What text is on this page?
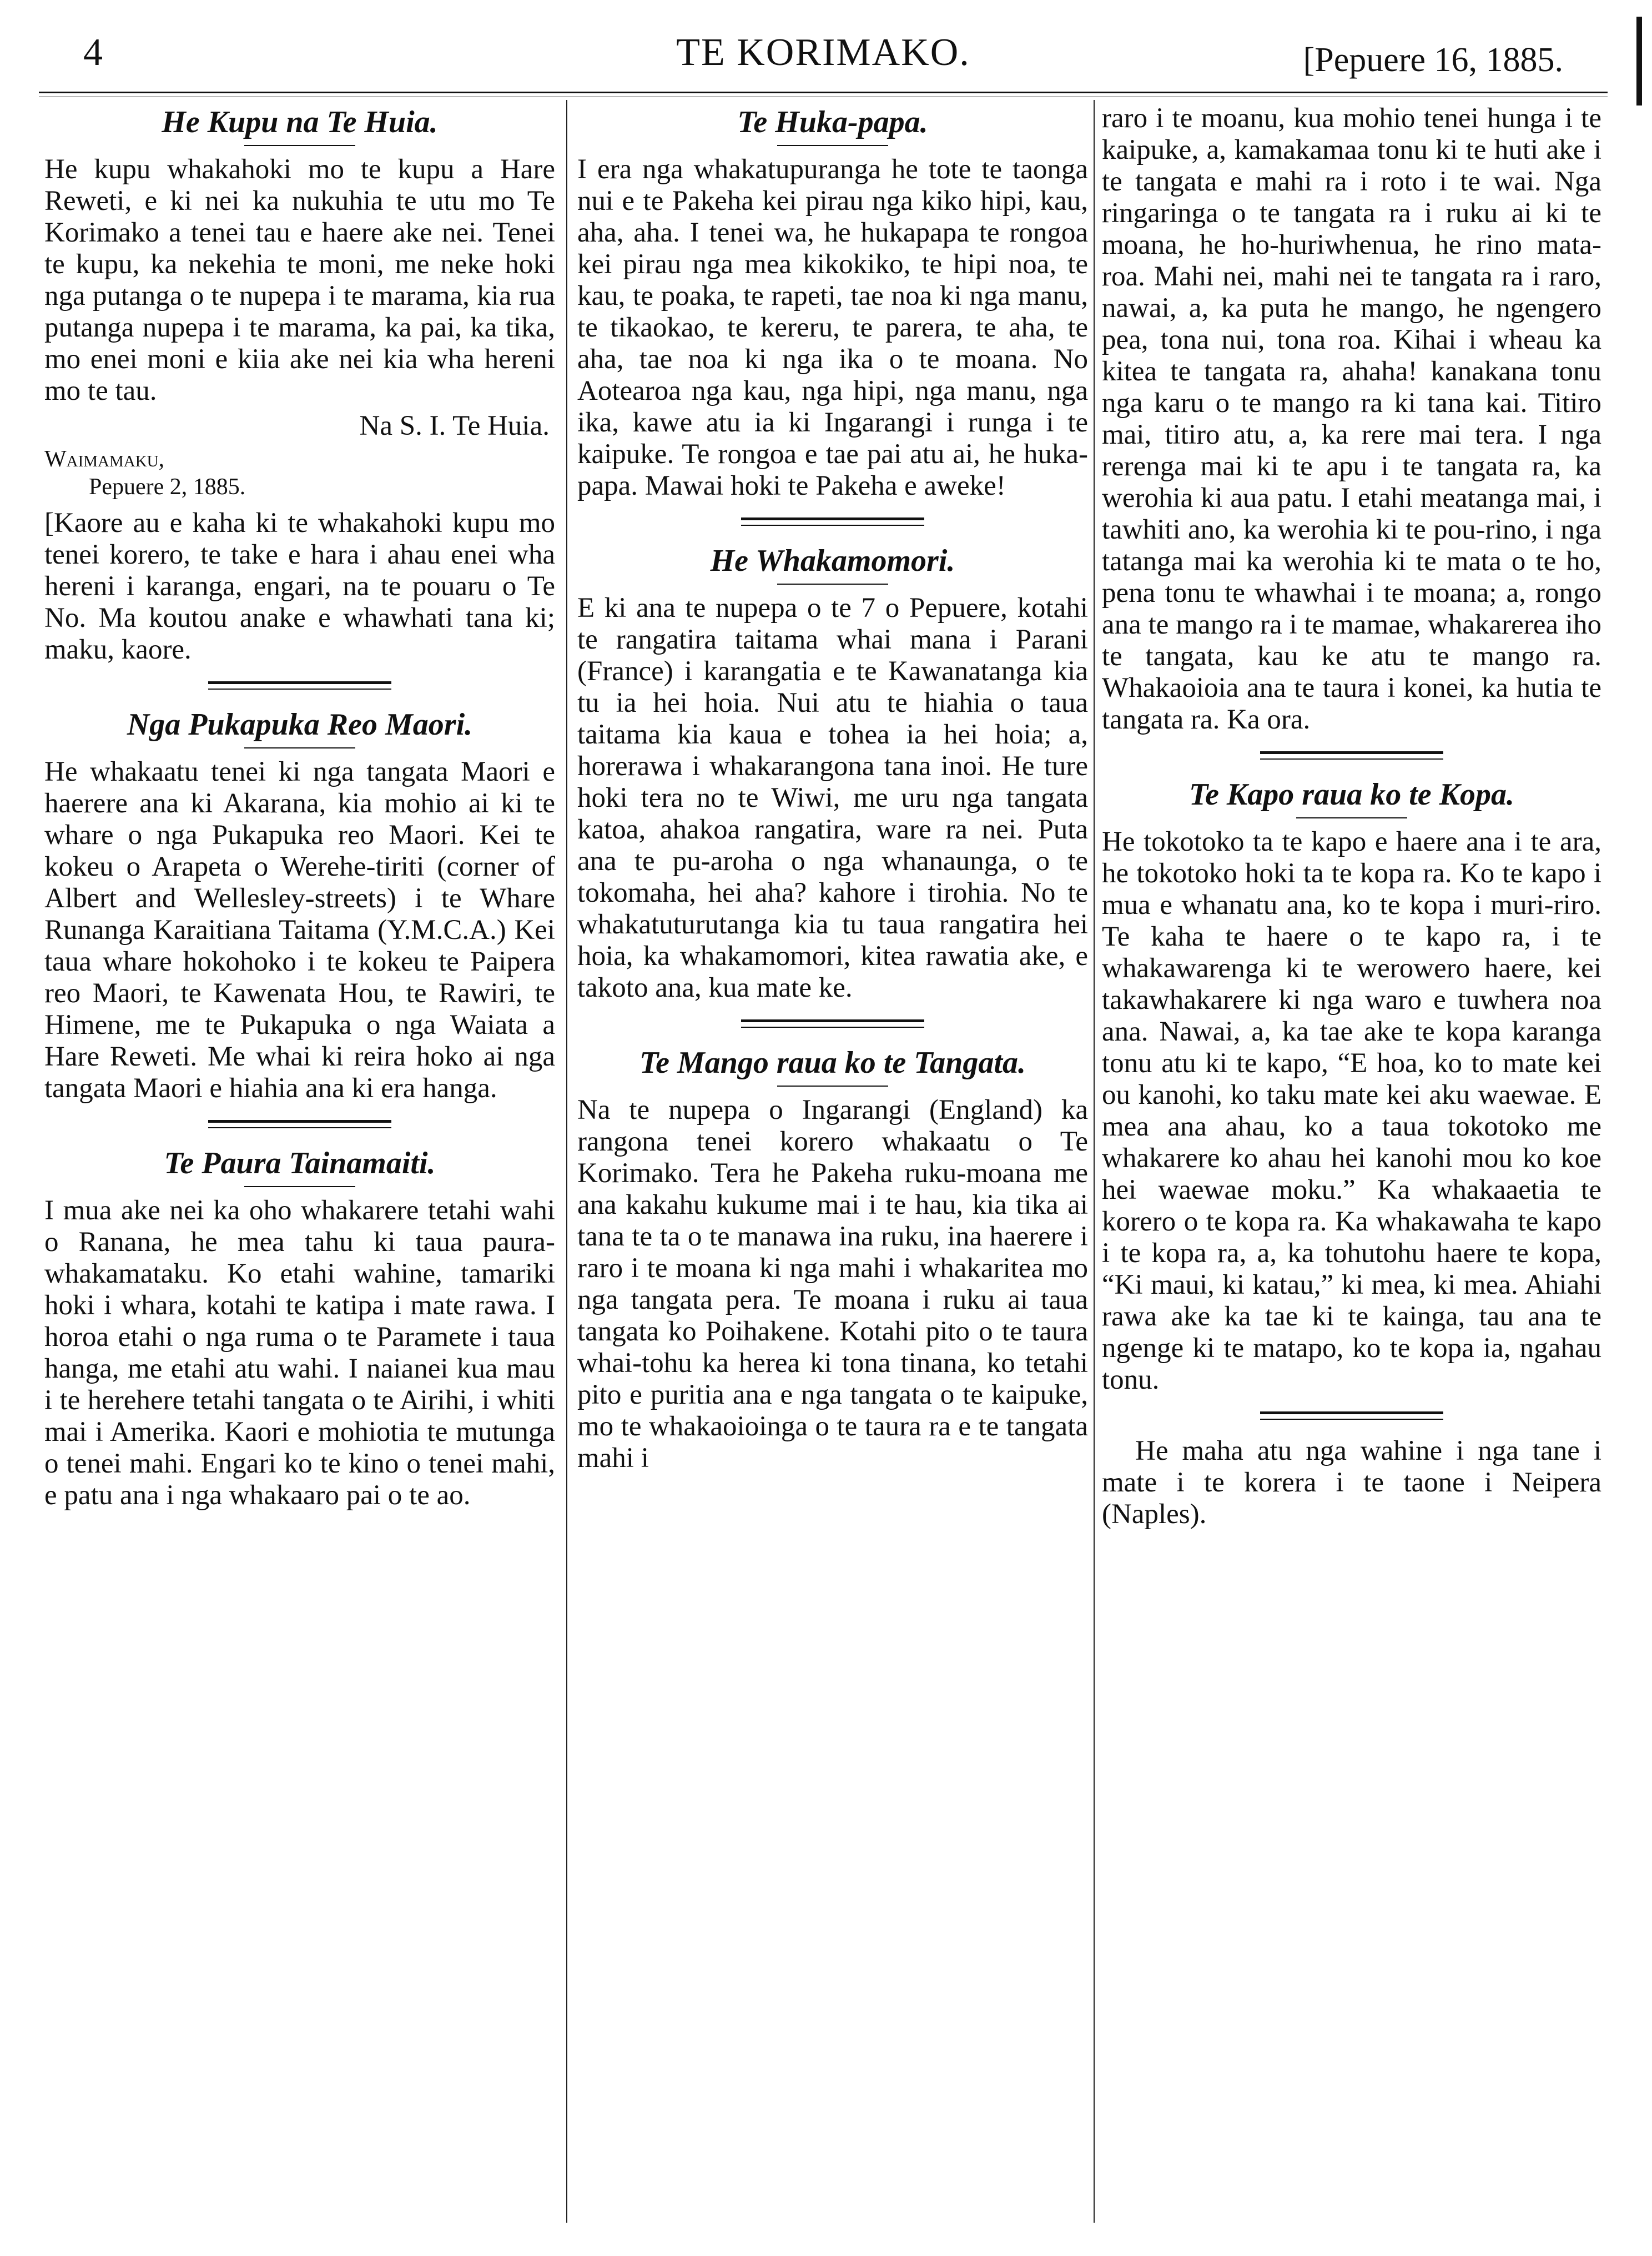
4	TE KORIMAKO.	[Pepuere 16, 1885.
He Kupu na Te Huia.

He kupu whakahoki mo te kupu a Hare Reweti, e ki nei ka nukuhia te utu mo Te Korimako a tenei tau e haere ake nei. Tenei te kupu, ka nekehia te moni, me neke hoki nga putanga o te nupepa i te marama, kia rua putanga nupepa i te marama, ka pai, ka tika, mo enei moni e kiia ake nei kia wha hereni mo te tau.

Na S. I. Te Huia.

Waimamaku,

Pepuere 2, 1885.

[Kaore au e kaha ki te whakahoki kupu mo tenei korero, te take e hara i ahau enei wha hereni i karanga, engari, na te pouaru o Te No. Ma koutou anake e whawhati tana ki; maku, kaore.

Nga Pukapuka Reo Maori.

He whakaatu tenei ki nga tangata Maori e haerere ana ki Akarana, kia mohio ai ki te whare o nga Pukapuka reo Maori. Kei te kokeu o Arapeta o Werehe-tiriti (corner of Albert and Wellesley-streets) i te Whare Runanga Karaitiana Taitama (Y.M.C.A.) Kei taua whare hokohoko i te kokeu te Paipera reo Maori, te Kawenata Hou, te Rawiri, te Himene, me te Pukapuka o nga Waiata a Hare Reweti. Me whai ki reira hoko ai nga tangata Maori e hiahia ana ki era hanga.

Te Paura Tainamaiti.

I mua ake nei ka oho whakarere tetahi wahi o Ranana, he mea tahu ki taua paura-whakamataku. Ko etahi wahine, tamariki hoki i whara, kotahi te katipa i mate rawa. I horoa etahi o nga ruma o te Paramete i taua hanga, me etahi atu wahi. I naianei kua mau i te herehere tetahi tangata o te Airihi, i whiti mai i Amerika. Kaori e mohiotia te mutunga o tenei mahi. Engari ko te kino o tenei mahi, e patu ana i nga whakaaro pai o te ao.

Te Huka-papa.

I era nga whakatupuranga he tote te taonga nui e te Pakeha kei pirau nga kiko hipi, kau, aha, aha. I tenei wa, he hukapapa te rongoa kei pirau nga mea kikokiko, te hipi noa, te kau, te poaka, te rapeti, tae noa ki nga manu, te tikaokao, te kereru, te parera, te aha, te aha, tae noa ki nga ika o te moana. No Aotearoa nga kau, nga hipi, nga manu, nga ika, kawe atu ia ki Ingarangi i runga i te kaipuke. Te rongoa e tae pai atu ai, he huka-papa. Mawai hoki te Pakeha e aweke!

He Whakamomori.

E ki ana te nupepa o te 7 o Pepuere, kotahi te rangatira taitama whai mana i Parani (France) i karangatia e te Kawanatanga kia tu ia hei hoia. Nui atu te hiahia o taua taitama kia kaua e tohea ia hei hoia; a, horerawa i whakarangona tana inoi. He ture hoki tera no te Wiwi, me uru nga tangata katoa, ahakoa rangatira, ware ra nei. Puta ana te pu-aroha o nga whanaunga, o te tokomaha, hei aha? kahore i tirohia. No te whakatuturutanga kia tu taua rangatira hei hoia, ka whakamomori, kitea rawatia ake, e takoto ana, kua mate ke.

Te Mango raua ko te Tangata.

Na te nupepa o Ingarangi (England) ka rangona tenei korero whakaatu o Te Korimako. Tera he Pakeha ruku-moana me ana kakahu kukume mai i te hau, kia tika ai tana te ta o te manawa ina ruku, ina haerere i raro i te moana ki nga mahi i whakaritea mo nga tangata pera. Te moana i ruku ai taua tangata ko Poihakene. Kotahi pito o te taura whai-tohu ka herea ki tona tinana, ko tetahi pito e puritia ana e nga tangata o te kaipuke, mo te whakaoioinga o te taura ra e te tangata mahi i

raro i te moanu, kua mohio tenei hunga i te kaipuke, a, kamakamaa tonu ki te huti ake i te tangata e mahi ra i roto i te wai. Nga ringaringa o te tangata ra i ruku ai ki te moana, he ho-huriwhenua, he rino mata-roa. Mahi nei, mahi nei te tangata ra i raro, nawai, a, ka puta he mango, he ngengero pea, tona nui, tona roa. Kihai i wheau ka kitea te tangata ra, ahaha! kanakana tonu nga karu o te mango ra ki tana kai. Titiro mai, titiro atu, a, ka rere mai tera. I nga rerenga mai ki te apu i te tangata ra, ka werohia ki aua patu. I etahi meatanga mai, i tawhiti ano, ka werohia ki te pou-rino, i nga tatanga mai ka werohia ki te mata o te ho, pena tonu te whawhai i te moana; a, rongo ana te mango ra i te mamae, whakarerea iho te tangata, kau ke atu te mango ra. Whakaoioia ana te taura i konei, ka hutia te tangata ra. Ka ora.

Te Kapo raua ko te Kopa.

He tokotoko ta te kapo e haere ana i te ara, he tokotoko hoki ta te kopa ra. Ko te kapo i mua e whanatu ana, ko te kopa i muri-riro. Te kaha te haere o te kapo ra, i te whakawarenga ki te werowero haere, kei takawhakarere ki nga waro e tuwhera noa ana. Nawai, a, ka tae ake te kopa karanga tonu atu ki te kapo, “E hoa, ko to mate kei ou kanohi, ko taku mate kei aku waewae. E mea ana ahau, ko a taua tokotoko me whakarere ko ahau hei kanohi mou ko koe hei waewae moku.” Ka whakaaetia te korero o te kopa ra. Ka whakawaha te kapo i te kopa ra, a, ka tohutohu haere te kopa, “Ki maui, ki katau,” ki mea, ki mea. Ahiahi rawa ake ka tae ki te kainga, tau ana te ngenge ki te matapo, ko te kopa ia, ngahau tonu.

He maha atu nga wahine i nga tane i mate i te korera i te taone i Neipera (Naples).
